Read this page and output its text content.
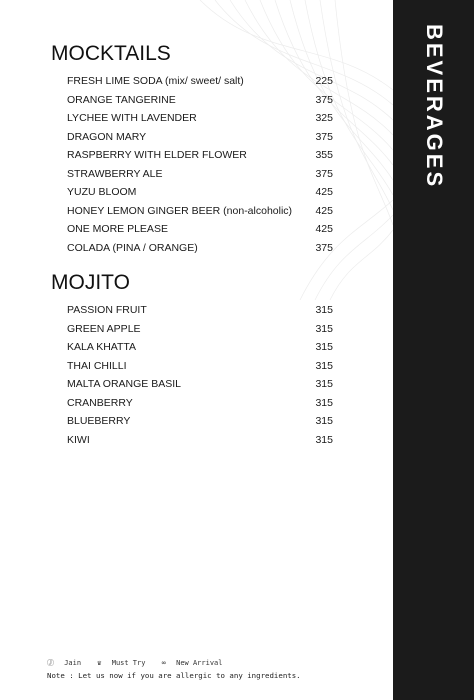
BEVERAGES
MOCKTAILS
FRESH LIME SODA (mix/ sweet/ salt)	225
ORANGE TANGERINE	375
LYCHEE WITH LAVENDER	325
DRAGON MARY	375
RASPBERRY WITH ELDER FLOWER	355
STRAWBERRY ALE	375
YUZU BLOOM	425
HONEY LEMON GINGER BEER (non-alcoholic) 425
ONE MORE PLEASE	425
COLADA (PINA / ORANGE)	375
MOJITO
PASSION FRUIT	315
GREEN APPLE	315
KALA KHATTA	315
THAI CHILLI	315
MALTA ORANGE BASIL	315
CRANBERRY	315
BLUEBERRY	315
KIWI	315
Ⓙ Jain ♛ Must Try ∞ New Arrival
Note : Let us now if you are allergic to any ingredients.
